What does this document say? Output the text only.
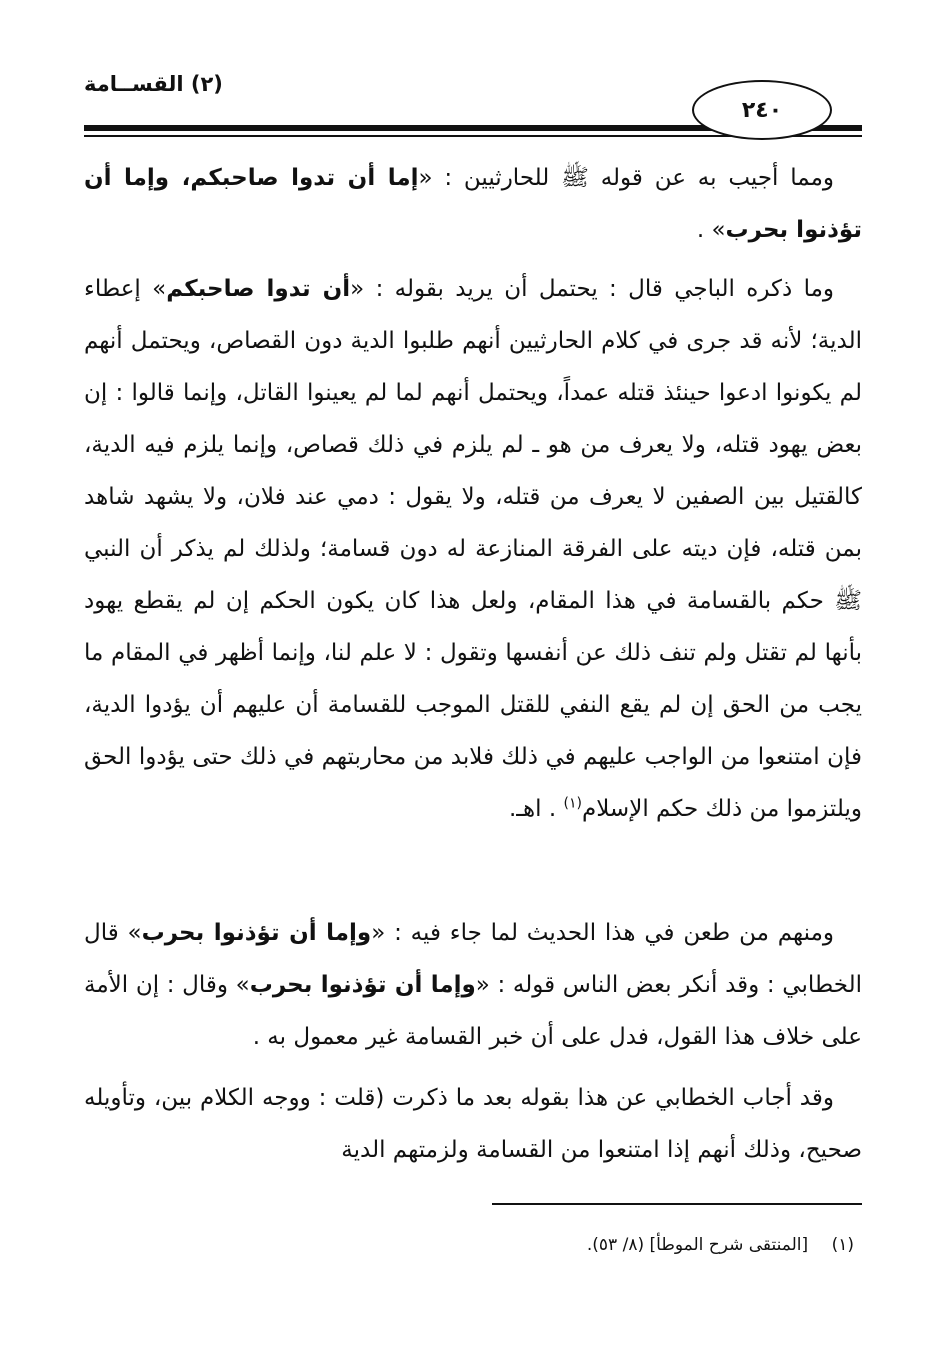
(٢) القســامة
٢٤٠
ومما أجيب به عن قوله ﷺ للحارثيين : «إما أن تدوا صاحبكم، وإما أن تؤذنوا بحرب» .
وما ذكره الباجي قال : يحتمل أن يريد بقوله : «أن تدوا صاحبكم» إعطاء الدية؛ لأنه قد جرى في كلام الحارثيين أنهم طلبوا الدية دون القصاص، ويحتمل أنهم لم يكونوا ادعوا حينئذ قتله عمداً، ويحتمل أنهم لما لم يعينوا القاتل، وإنما قالوا : إن بعض يهود قتله، ولا يعرف من هو ـ لم يلزم في ذلك قصاص، وإنما يلزم فيه الدية، كالقتيل بين الصفين لا يعرف من قتله، ولا يقول : دمي عند فلان، ولا يشهد شاهد بمن قتله، فإن ديته على الفرقة المنازعة له دون قسامة؛ ولذلك لم يذكر أن النبي ﷺ حكم بالقسامة في هذا المقام، ولعل هذا كان يكون الحكم إن لم يقطع يهود بأنها لم تقتل ولم تنف ذلك عن أنفسها وتقول : لا علم لنا، وإنما أظهر في المقام ما يجب من الحق إن لم يقع النفي للقتل الموجب للقسامة أن عليهم أن يؤدوا الدية، فإن امتنعوا من الواجب عليهم في ذلك فلابد من محاربتهم في ذلك حتى يؤدوا الحق ويلتزموا من ذلك حكم الإسلام$^{(١)}$ . اهـ.
ومنهم من طعن في هذا الحديث لما جاء فيه : «وإما أن تؤذنوا بحرب» قال الخطابي : وقد أنكر بعض الناس قوله : «وإما أن تؤذنوا بحرب» وقال : إن الأمة على خلاف هذا القول، فدل على أن خبر القسامة غير معمول به .
وقد أجاب الخطابي عن هذا بقوله بعد ما ذكرت (قلت : ووجه الكلام بين، وتأويله صحيح، وذلك أنهم إذا امتنعوا من القسامة ولزمتهم الدية
(١) [المنتقى شرح الموطأ] (٨/ ٥٣).
